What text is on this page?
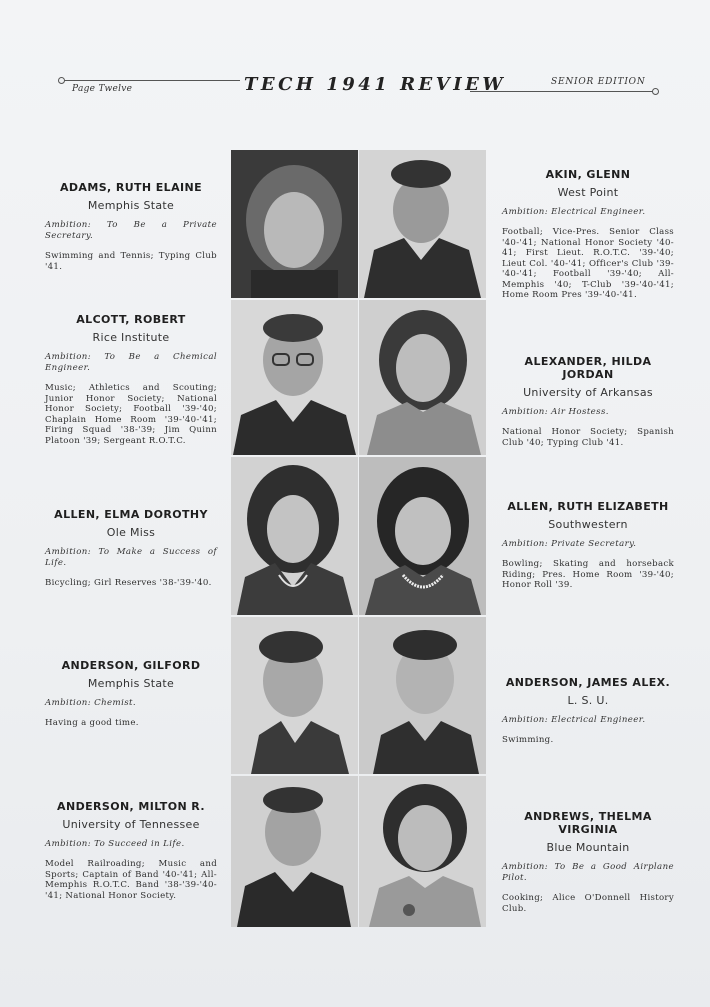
Page Twelve	TECH 1941 REVIEW	SENIOR EDITION
ADAMS, RUTH ELAINE
Memphis State
Ambition: To Be a Private Secretary.
Swimming and Tennis; Typing Club '41.
AKIN, GLENN
West Point
Ambition: Electrical Engineer.
Football; Vice-Pres. Senior Class '40-'41; National Honor Society '40-41; First Lieut. R.O.T.C. '39-'40; Lieut Col. '40-'41; Officer's Club '39-'40-'41; Football '39-'40; All-Memphis '40; T-Club '39-'40-'41; Home Room Pres '39-'40-'41.
ALCOTT, ROBERT
Rice Institute
Ambition: To Be a Chemical Engineer.
Music; Athletics and Scouting; Junior Honor Society; National Honor Society; Football '39-'40; Chaplain Home Room '39-'40-'41; Firing Squad '38-'39; Jim Quinn Platoon '39; Sergeant R.O.T.C.
ALEXANDER, HILDA JORDAN
University of Arkansas
Ambition: Air Hostess.
National Honor Society; Spanish Club '40; Typing Club '41.
ALLEN, ELMA DOROTHY
Ole Miss
Ambition: To Make a Success of Life.
Bicycling; Girl Reserves '38-'39-'40.
ALLEN, RUTH ELIZABETH
Southwestern
Ambition: Private Secretary.
Bowling; Skating and horseback Riding; Pres. Home Room '39-'40; Honor Roll '39.
ANDERSON, GILFORD
Memphis State
Ambition: Chemist.
Having a good time.
ANDERSON, JAMES ALEX.
L. S. U.
Ambition: Electrical Engineer.
Swimming.
ANDERSON, MILTON R.
University of Tennessee
Ambition: To Succeed in Life.
Model Railroading; Music and Sports; Captain of Band '40-'41; All-Memphis R.O.T.C. Band '38-'39-'40-'41; National Honor Society.
ANDREWS, THELMA VIRGINIA
Blue Mountain
Ambition: To Be a Good Airplane Pilot.
Cooking; Alice O'Donnell History Club.
